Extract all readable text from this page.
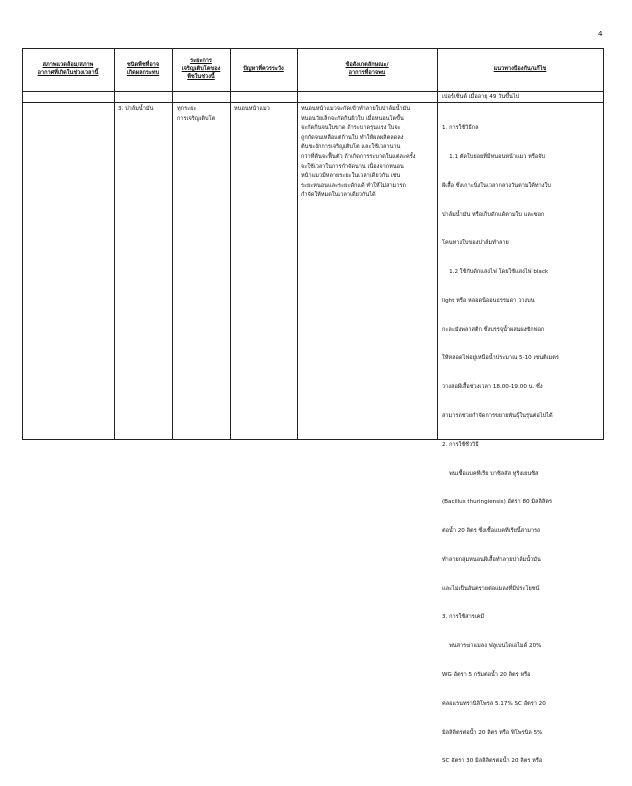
4
สภาพแวดล้อม/สภาพ
อากาศที่เกิดในช่วงเวลานี้
ชนิดพืชที่อาจ
เกิดผลกระทบ
ระยะการ
เจริญเติบโตของ
พืชในช่วงนี้
ปัญหาที่ควรระวัง
ข้อสังเกตลักษณะ/
อาการที่อาจพบ
แนวทางป้องกัน/แก้ไข
เปอร์เซ็นต์ เมื่ออายุ 49 วันขึ้นไป
3. ปาล์มน้ำมัน	ทุกระยะ
การเจริญเติบโต
หนอนหน้าแมว	หนอนหน้าแมวจะกัดเข้าทำลายใบปาล์มน้ำมัน
หนอนวัยเล็กจะกัดกินผิวใบ เมื่อหนอนโตขึ้น
จะกัดกินจนใบขาด ถ้าระบาดรุนแรง ใบจะ
ถูกกัดจนเหลือแต่ก้านใบ ทำให้ผลผลิตลดลง
ต้นชะงักการเจริญเติบโต และใช้เวลานาน
กว่าที่ต้นจะฟื้นตัว ถ้าเกิดการระบาดในแต่ละครั้ง
จะใช้เวลาในการกำจัดนาน เนื่องจากหนอน
หน้าแมวมีหลายระยะในเวลาเดียวกัน เช่น
ระยะหนอนและระยะดักแด้ ทำให้ไม่สามารถ
กำจัดให้หมดในเวลาเดียวกันได้

1. การใช้วิธีกล

1.1 ตัดใบย่อยที่มีหนอนหน้าแมว หรือจับ

ผีเสื้อ ซึ่งเกาะนิ่งในเวลากลางวันตามใต้ทางใบ

ปาล์มน้ำมัน หรือเก็บดักแด้ตามใบ และซอก

โคนทางใบของปาล์มทำลาย

1.2 ใช้กับดักแสงไฟ โดยใช้แสงไฟ black

light หรือ หลอดนีออนธรรมดา วางบน

กะละมังพลาสติก ซึ่งบรรจุน้ำผสมผงซักฟอก

ให้หลอดไฟอยู่เหนือน้ำประมาณ 5-10 เซนติเมตร

วางล่อผีเสื้อช่วงเวลา 18.00-19.00 น. ซึ่ง

สามารถช่วยกำจัดการขยายพันธุ์ในรุ่นต่อไปได้

2. การใช้ชีววิธี

พ่นเชื้อแบคทีเรีย บาซิลลัส ทูริงเยนซิส

(Bacillus thuringiensis) อัตรา 80 มิลลิลิตร

ต่อน้ำ 20 ลิตร ซึ่งเชื้อแบคทีเรียนี้สามารถ

ทำลายกลุ่มหนอนผีเสื้อทำลายปาล์มน้ำมัน

และไม่เป็นอันตรายต่อแมลงที่มีประโยชน์

3. การใช้สารเคมี

พ่นสารฆ่าแมลง ฟลูเบนไดเอไมด์ 20%

WG อัตรา 5 กรัมต่อน้ำ 20 ลิตร หรือ

คลอแรนทรานิลิโพรล 5.17% SC อัตรา 20

มิลลิลิตรต่อน้ำ 20 ลิตร หรือ ฟิโพรนิล 5%

SC อัตรา 30 มิลลิลิตรต่อน้ำ 20 ลิตร หรือ
